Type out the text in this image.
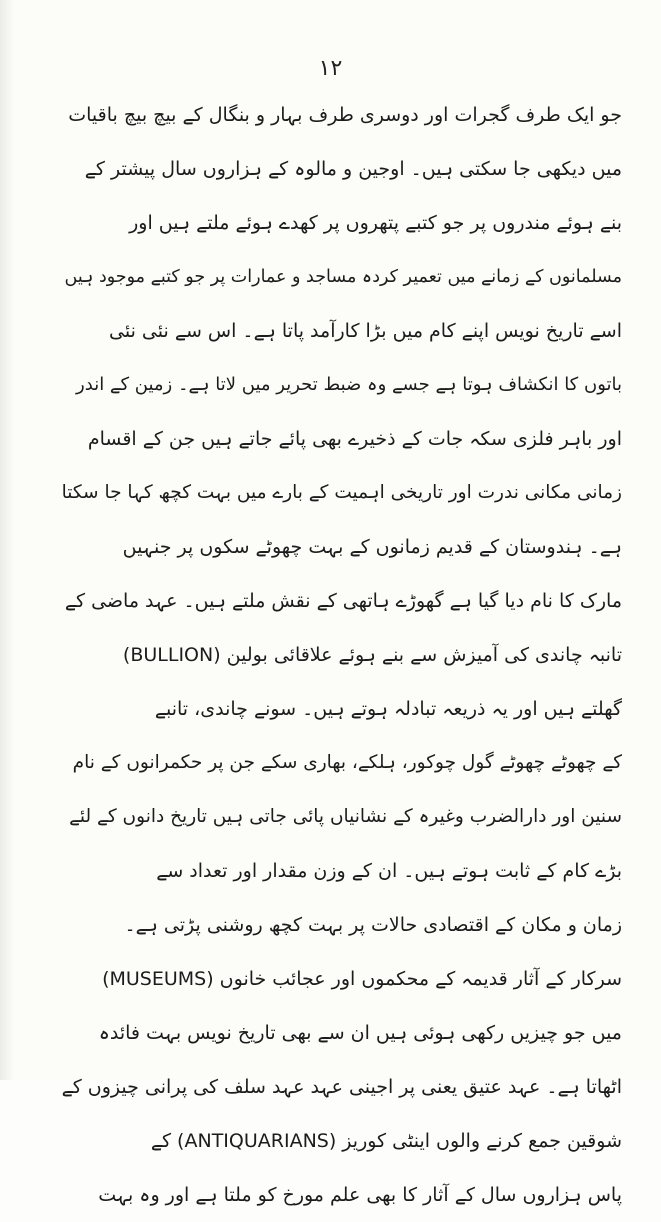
۱۲
جو ایک طرف گجرات اور دوسری طرف بہار و بنگال کے بیچ بیچ باقیات
میں دیکھی جا سکتی ہیں۔ اوجین و مالوہ کے ہزاروں سال پیشتر کے
بنے ہوئے مندروں پر جو کتبے پتھروں پر کھدے ہوئے ملتے ہیں اور
مسلمانوں کے زمانے میں تعمیر کردہ مساجد و عمارات پر جو کتبے موجود ہیں
اسے تاریخ نویس اپنے کام میں بڑا کارآمد پاتا ہے۔ اس سے نئی نئی
باتوں کا انکشاف ہوتا ہے جسے وہ ضبط تحریر میں لاتا ہے۔ زمین کے اندر
اور باہر فلزی سکہ جات کے ذخیرے بھی پائے جاتے ہیں جن کے اقسام
زمانی مکانی ندرت اور تاریخی اہمیت کے بارے میں بہت کچھ کہا جا سکتا
ہے۔ ہندوستان کے قدیم زمانوں کے بہت چھوٹے سکوں پر جنہیں
مارک کا نام دیا گیا ہے گھوڑے ہاتھی کے نقش ملتے ہیں۔ عہد ماضی کے
تانبہ چاندی کی آمیزش سے بنے ہوئے علاقائی بولین (BULLION)
گھلتے ہیں اور یہ ذریعہ تبادلہ ہوتے ہیں۔ سونے چاندی، تانبے
کے چھوٹے چھوٹے گول چوکور، ہلکے، بھاری سکے جن پر حکمرانوں کے نام
سنین اور دارالضرب وغیرہ کے نشانیاں پائی جاتی ہیں تاریخ دانوں کے لئے
بڑے کام کے ثابت ہوتے ہیں۔ ان کے وزن مقدار اور تعداد سے
زمان و مکان کے اقتصادی حالات پر بہت کچھ روشنی پڑتی ہے۔
سرکار کے آثار قدیمہ کے محکموں اور عجائب خانوں (MUSEUMS)
میں جو چیزیں رکھی ہوئی ہیں ان سے بھی تاریخ نویس بہت فائدہ
اٹھاتا ہے۔ عہد عتیق یعنی پر اجینی عہد عہد سلف کی پرانی چیزوں کے
شوقین جمع کرنے والوں اینٹی کوریز (ANTIQUARIANS) کے
پاس ہزاروں سال کے آثار کا بھی علم مورخ کو ملتا ہے اور وہ بہت
